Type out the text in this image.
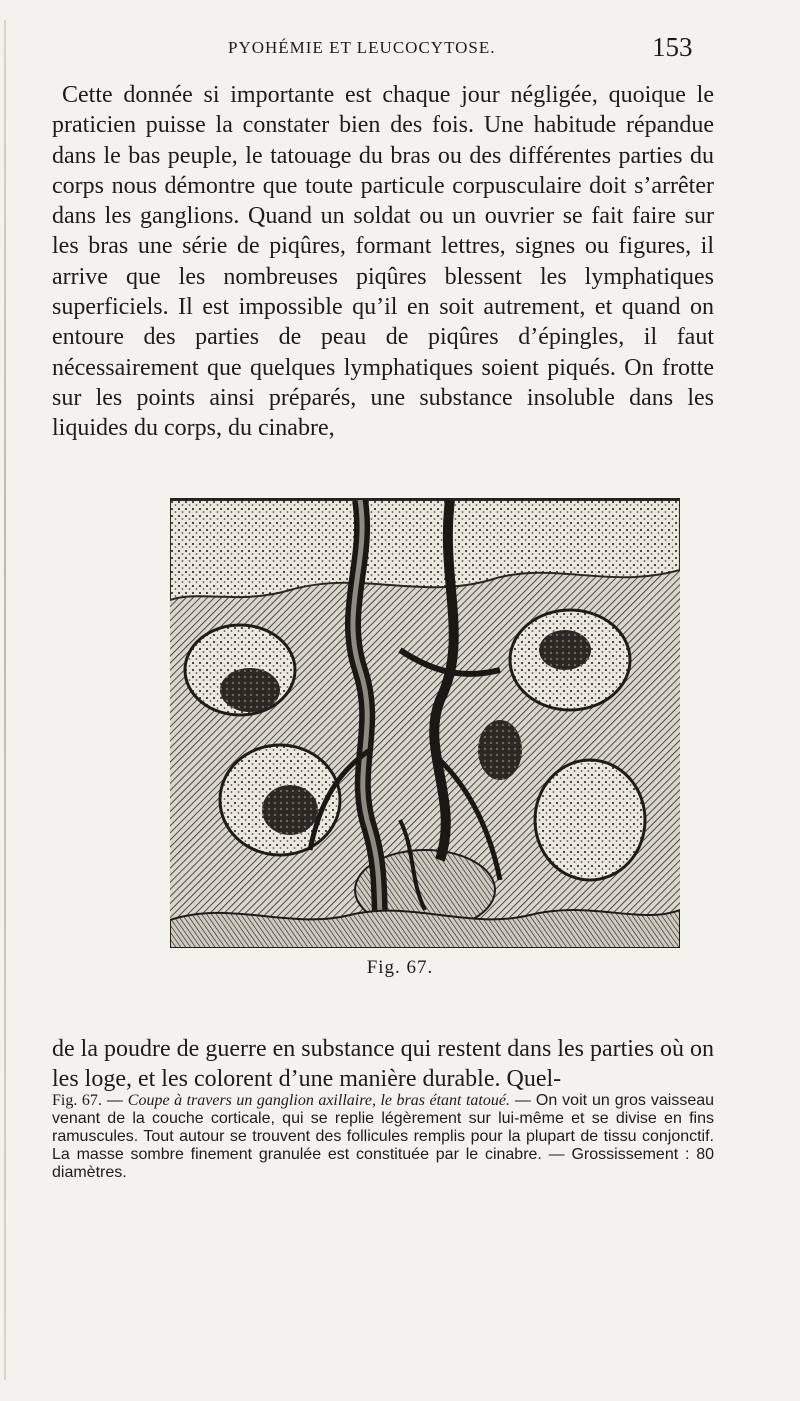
PYOHÉMIE ET LEUCOCYTOSE.	153

Cette donnée si importante est chaque jour négligée, quoique le praticien puisse la constater bien des fois. Une habitude répandue dans le bas peuple, le tatouage du bras ou des différentes parties du corps nous démontre que toute particule corpusculaire doit s’arrêter dans les ganglions. Quand un soldat ou un ouvrier se fait faire sur les bras une série de piqûres, formant lettres, signes ou figures, il arrive que les nombreuses piqûres blessent les lymphatiques superficiels. Il est impossible qu’il en soit autrement, et quand on entoure des parties de peau de piqûres d’épingles, il faut nécessairement que quelques lymphatiques soient piqués. On frotte sur les points ainsi préparés, une substance insoluble dans les liquides du corps, du cinabre,

Fig. 67.

de la poudre de guerre en substance qui restent dans les parties où on les loge, et les colorent d’une manière durable. Quel-

Fig. 67. — Coupe à travers un ganglion axillaire, le bras étant tatoué. — On voit un gros vaisseau venant de la couche corticale, qui se replie légèrement sur lui-même et se divise en fins ramuscules. Tout autour se trouvent des follicules remplis pour la plupart de tissu conjonctif. La masse sombre finement granulée est constituée par le cinabre. — Grossissement : 80 diamètres.
